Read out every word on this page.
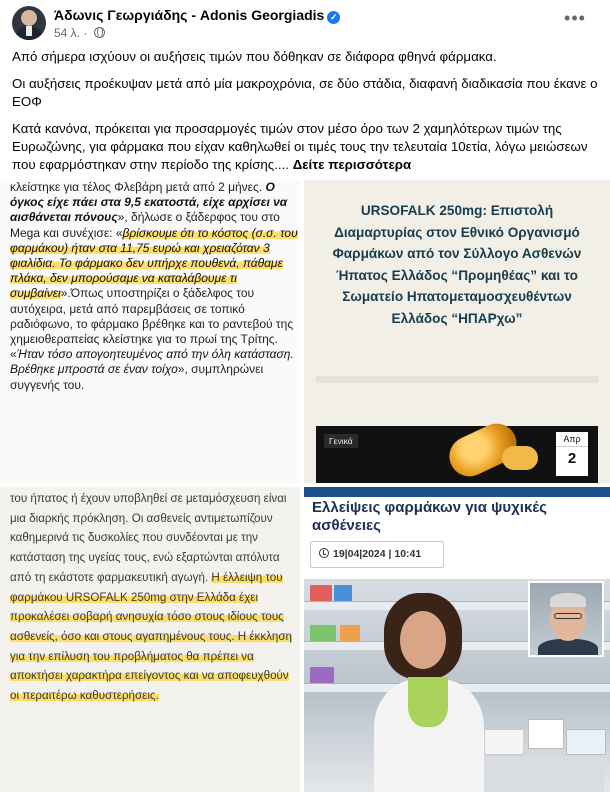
Άδωνις Γεωργιάδης - Adonis Georgiadis ✓
54 λ. ·
•••

Από σήμερα ισχύουν οι αυξήσεις τιμών που δόθηκαν σε διάφορα φθηνά φάρμακα.

Οι αυξήσεις προέκυψαν μετά από μία μακροχρόνια, σε δύο στάδια, διαφανή διαδικασία που έκανε ο ΕΟΦ

Κατά κανόνα, πρόκειται για προσαρμογές τιμών στον μέσο όρο των 2 χαμηλότερων τιμών της Ευρωζώνης, για φάρμακα που είχαν καθηλωθεί οι τιμές τους την τελευταία 10ετία, λόγω μειώσεων που εφαρμόστηκαν στην περίοδο της κρίσης.... Δείτε περισσότερα

κλείστηκε για τέλος Φλεβάρη μετά από 2 μήνες. Ο όγκος είχε πάει στα 9,5 εκατοστά, είχε αρχίσει να αισθάνεται πόνους», δήλωσε ο ξάδερφος του στο Mega και συνέχισε: «βρίσκουμε ότι το κόστος (σ.σ. του φαρμάκου) ήταν στα 11,75 ευρώ και χρειαζόταν 3 φιαλίδια. Το φάρμακο δεν υπήρχε πουθενά, πάθαμε πλάκα, δεν μπορούσαμε να καταλάβουμε τι συμβαίνει».Όπως υποστηρίζει ο ξάδελφος του αυτόχειρα, μετά από παρεμβάσεις σε τοπικό ραδιόφωνο, το φάρμακο βρέθηκε και το ραντεβού της χημειοθεραπείας κλείστηκε για το πρωί της Τρίτης. «Ήταν τόσο απογοητευμένος από την όλη κατάσταση. Βρέθηκε μπροστά σε έναν τοίχο», συμπληρώνει συγγενής του.
URSOFALK 250mg: Επιστολή Διαμαρτυρίας στον Εθνικό Οργανισμό Φαρμάκων από τον Σύλλογο Ασθενών Ήπατος Ελλάδος “Προμηθέας” και το Σωματείο Ηπατομεταμοσχευθέντων Ελλάδος “ΗΠΑΡχω”
Γενικά	Απρ
2
του ήπατος ή έχουν υποβληθεί σε μεταμόσχευση είναι μια διαρκής πρόκληση. Οι ασθενείς αντιμετωπίζουν καθημερινά τις δυσκολίες που συνδέονται με την κατάσταση της υγείας τους, ενώ εξαρτώνται απόλυτα από τη εκάστοτε φαρμακευτική αγωγή. Η έλλειψη του φαρμάκου URSOFALK 250mg στην Ελλάδα έχει προκαλέσει σοβαρή ανησυχία τόσο στους ιδίους τους ασθενείς, όσο και στους αγαπημένους τους. Η έκκληση για την επίλυση του προβλήματος θα πρέπει να αποκτήσει χαρακτήρα επείγοντος και να αποφευχθούν οι περαιτέρω καθυστερήσεις.
Ελλείψεις φαρμάκων για ψυχικές ασθένειες
19|04|2024 | 10:41
